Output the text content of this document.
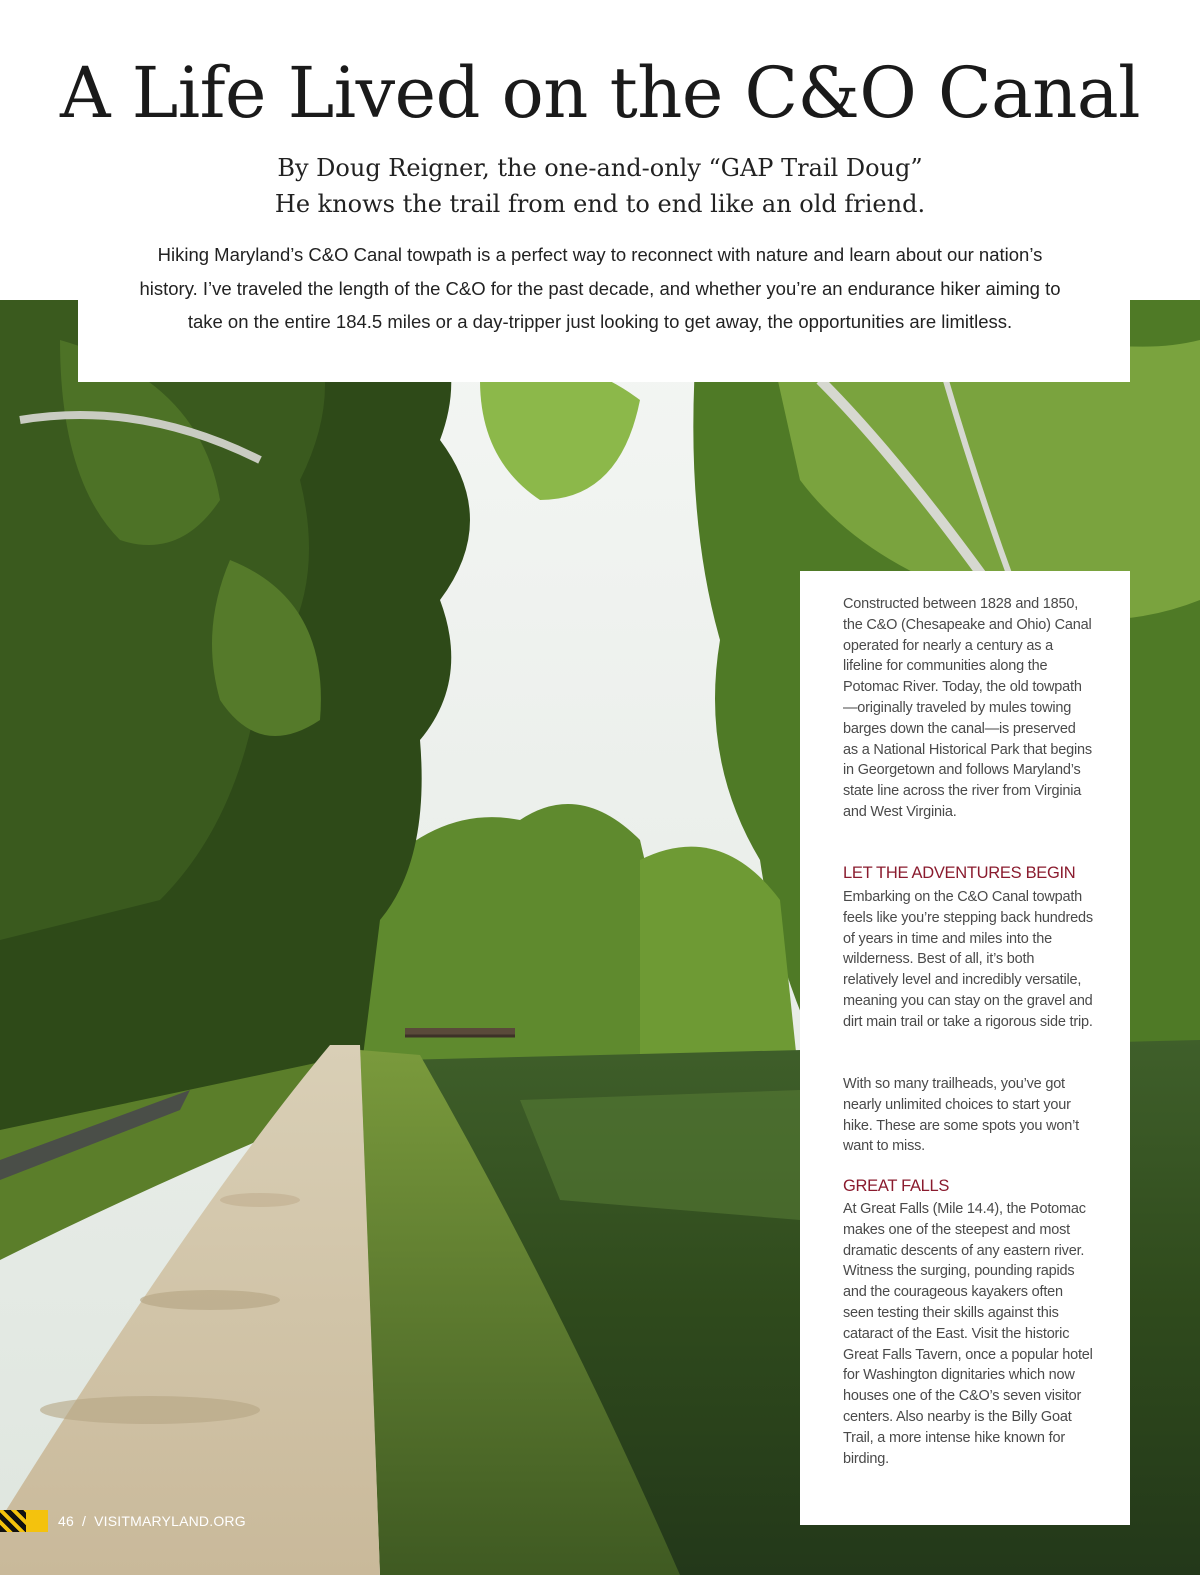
A Life Lived on the C&O Canal

By Doug Reigner, the one-and-only “GAP Trail Doug”

He knows the trail from end to end like an old friend.

Hiking Maryland’s C&O Canal towpath is a perfect way to reconnect with nature and learn about our nation’s history. I’ve traveled the length of the C&O for the past decade, and whether you’re an endurance hiker aiming to take on the entire 184.5 miles or a day-tripper just looking to get away, the opportunities are limitless.

Constructed between 1828 and 1850, the C&O (Chesapeake and Ohio) Canal operated for nearly a century as a lifeline for communities along the Potomac River. Today, the old towpath—originally traveled by mules towing barges down the canal—is preserved as a National Historical Park that begins in Georgetown and follows Maryland’s state line across the river from Virginia and West Virginia.

LET THE ADVENTURES BEGIN

Embarking on the C&O Canal towpath feels like you’re stepping back hundreds of years in time and miles into the wilderness. Best of all, it’s both relatively level and incredibly versatile, meaning you can stay on the gravel and dirt main trail or take a rigorous side trip.

With so many trailheads, you’ve got nearly unlimited choices to start your hike. These are some spots you won’t want to miss.

GREAT FALLS

At Great Falls (Mile 14.4), the Potomac makes one of the steepest and most dramatic descents of any eastern river. Witness the surging, pounding rapids and the courageous kayakers often seen testing their skills against this cataract of the East. Visit the historic Great Falls Tavern, once a popular hotel for Washington dignitaries which now houses one of the C&O’s seven visitor centers. Also nearby is the Billy Goat Trail, a more intense hike known for birding.

46 / VISITMARYLAND.ORG
